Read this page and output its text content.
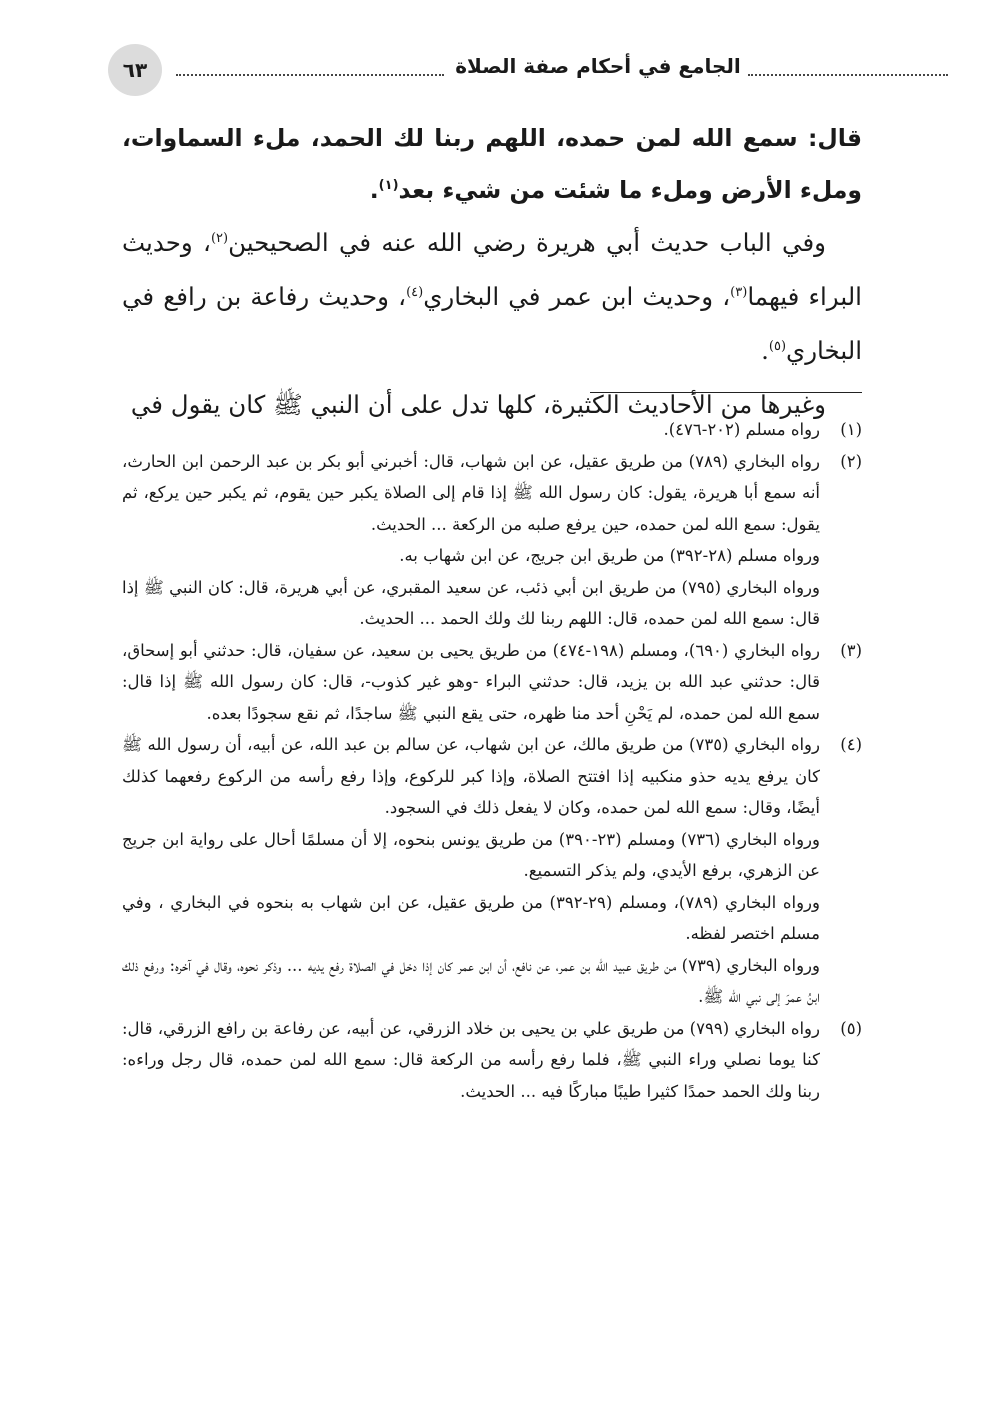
٦٣	الجامع في أحكام صفة الصلاة

قال: سمع الله لمن حمده، اللهم ربنا لك الحمد، ملء السماوات، وملء الأرض وملء ما شئت من شيء بعد$^{(١)}$.

وفي الباب حديث أبي هريرة رضي الله عنه في الصحيحين$^{(٢)}$، وحديث البراء فيهما$^{(٣)}$، وحديث ابن عمر في البخاري$^{(٤)}$، وحديث رفاعة بن رافع في البخاري$^{(٥)}$.

وغيرها من الأحاديث الكثيرة، كلها تدل على أن النبي ﷺ كان يقول في

(١)

رواه مسلم (٢٠٢-٤٧٦).

(٢)

رواه البخاري (٧٨٩) من طريق عقيل، عن ابن شهاب، قال: أخبرني أبو بكر بن عبد الرحمن ابن الحارث، أنه سمع أبا هريرة، يقول: كان رسول الله ﷺ إذا قام إلى الصلاة يكبر حين يقوم، ثم يكبر حين يركع، ثم يقول: سمع الله لمن حمده، حين يرفع صلبه من الركعة ... الحديث.

ورواه مسلم (٢٨-٣٩٢) من طريق ابن جريج، عن ابن شهاب به.

ورواه البخاري (٧٩٥) من طريق ابن أبي ذئب، عن سعيد المقبري، عن أبي هريرة، قال: كان النبي ﷺ إذا قال: سمع الله لمن حمده، قال: اللهم ربنا لك ولك الحمد ... الحديث.

(٣)

رواه البخاري (٦٩٠)، ومسلم (١٩٨-٤٧٤) من طريق يحيى بن سعيد، عن سفيان، قال: حدثني أبو إسحاق، قال: حدثني عبد الله بن يزيد، قال: حدثني البراء -وهو غير كذوب-، قال: كان رسول الله ﷺ إذا قال: سمع الله لمن حمده، لم يَحْنِ أحد منا ظهره، حتى يقع النبي ﷺ ساجدًا، ثم نقع سجودًا بعده.

(٤)

رواه البخاري (٧٣٥) من طريق مالك، عن ابن شهاب، عن سالم بن عبد الله، عن أبيه، أن رسول الله ﷺ كان يرفع يديه حذو منكبيه إذا افتتح الصلاة، وإذا كبر للركوع، وإذا رفع رأسه من الركوع رفعهما كذلك أيضًا، وقال: سمع الله لمن حمده، وكان لا يفعل ذلك في السجود.

ورواه البخاري (٧٣٦) ومسلم (٢٣-٣٩٠) من طريق يونس بنحوه، إلا أن مسلمًا أحال على رواية ابن جريج عن الزهري، برفع الأيدي، ولم يذكر التسميع.

ورواه البخاري (٧٨٩)، ومسلم (٢٩-٣٩٢) من طريق عقيل، عن ابن شهاب به بنحوه في البخاري ، وفي مسلم اختصر لفظه.

ورواه البخاري (٧٣٩) من طريق عبيد الله بن عمر، عن نافع، أن ابن عمر كان إذا دخل في الصلاة رفع يديه ... وذكر نحوه، وقال في آخره: ورفع ذلك ابنُ عمرَ إلى نبي الله ﷺ.

(٥)

رواه البخاري (٧٩٩) من طريق علي بن يحيى بن خلاد الزرقي، عن أبيه، عن رفاعة بن رافع الزرقي، قال: كنا يوما نصلي وراء النبي ﷺ، فلما رفع رأسه من الركعة قال: سمع الله لمن حمده، قال رجل وراءه: ربنا ولك الحمد حمدًا كثيرا طيبًا مباركًا فيه ... الحديث.
